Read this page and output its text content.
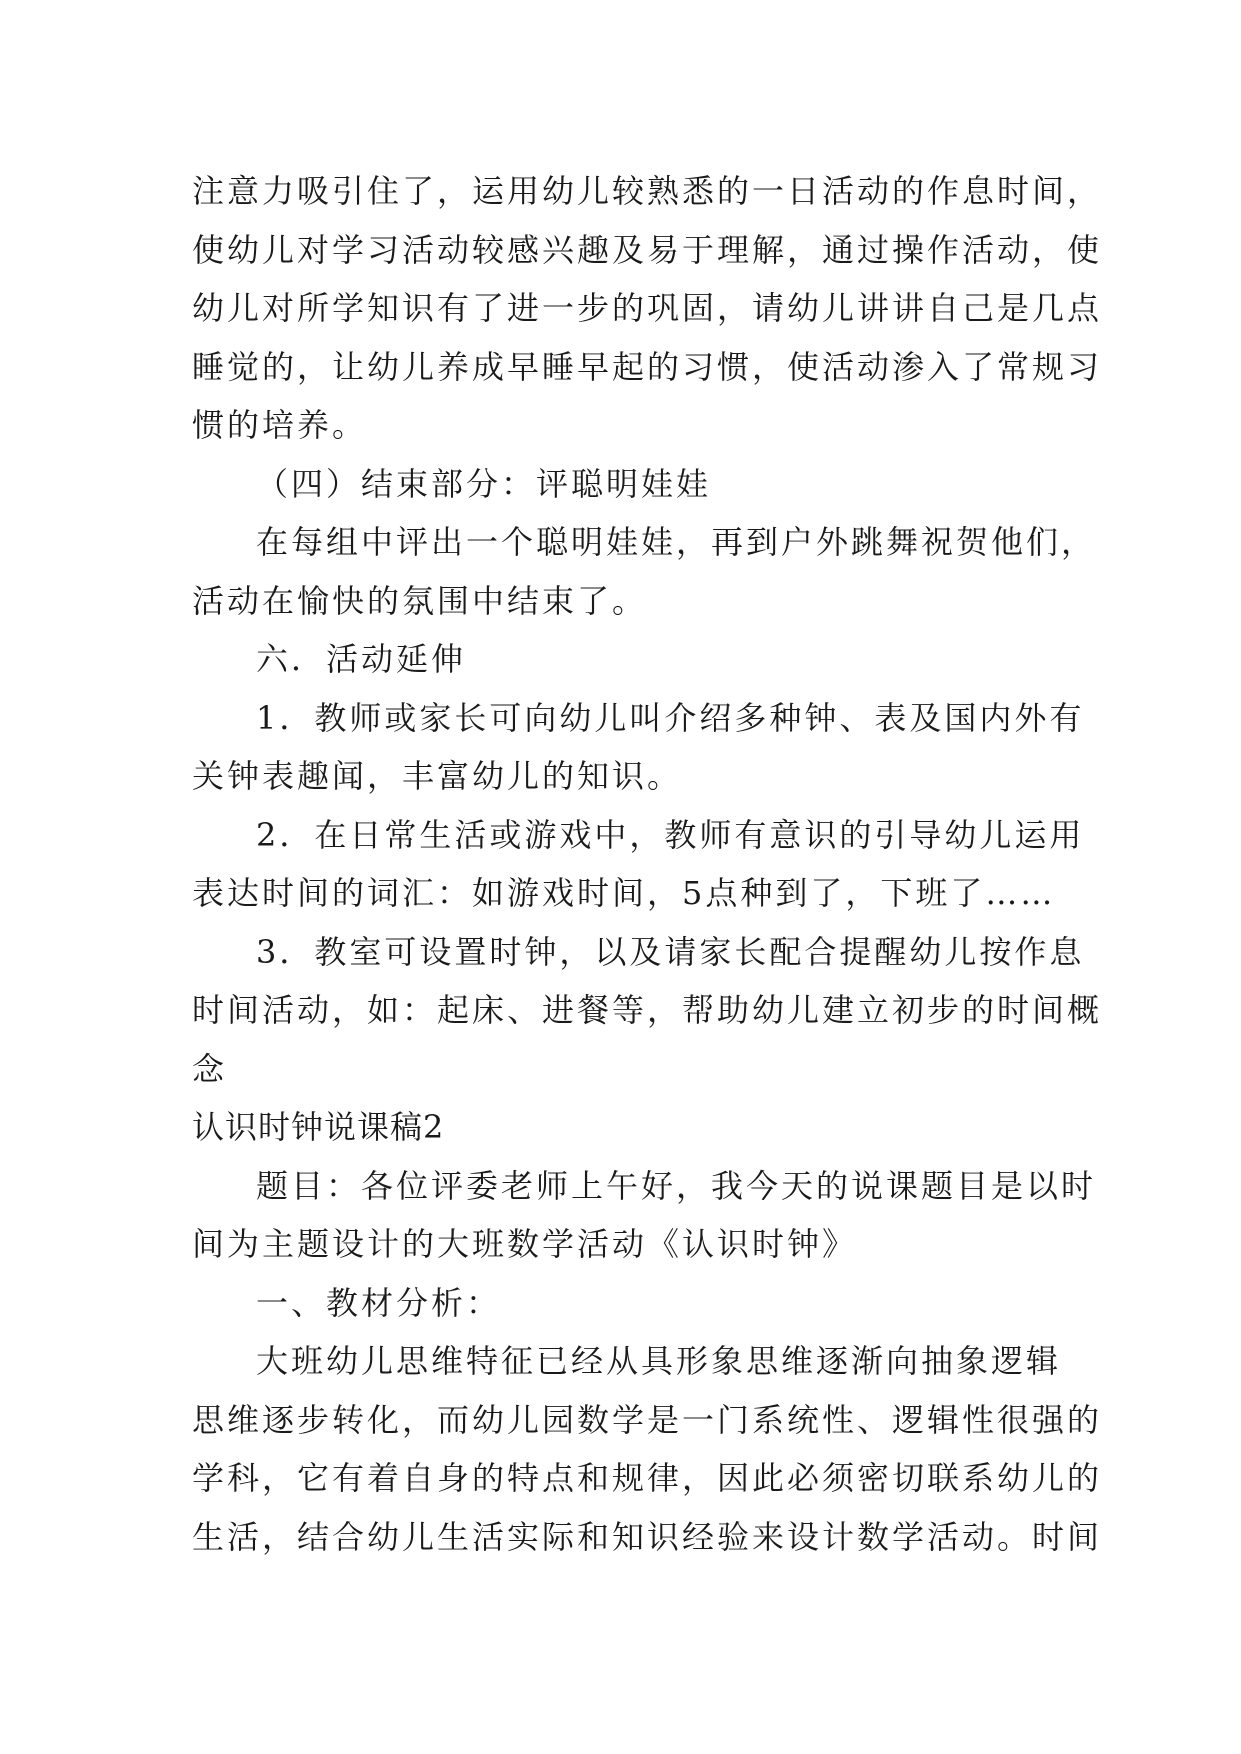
注意力吸引住了，运用幼儿较熟悉的一日活动的作息时间，
使幼儿对学习活动较感兴趣及易于理解，通过操作活动，使
幼儿对所学知识有了进一步的巩固，请幼儿讲讲自己是几点
睡觉的，让幼儿养成早睡早起的习惯，使活动渗入了常规习
惯的培养。
（四）结束部分：评聪明娃娃
在每组中评出一个聪明娃娃，再到户外跳舞祝贺他们，
活动在愉快的氛围中结束了。
六．活动延伸
1．教师或家长可向幼儿叫介绍多种钟、表及国内外有
关钟表趣闻，丰富幼儿的知识。
2．在日常生活或游戏中，教师有意识的引导幼儿运用
表达时间的词汇：如游戏时间，5点种到了，下班了……
3．教室可设置时钟，以及请家长配合提醒幼儿按作息
时间活动，如：起床、进餐等，帮助幼儿建立初步的时间概
念
认识时钟说课稿2
题目：各位评委老师上午好，我今天的说课题目是以时
间为主题设计的大班数学活动《认识时钟》
一、教材分析：
大班幼儿思维特征已经从具形象思维逐渐向抽象逻辑
思维逐步转化，而幼儿园数学是一门系统性、逻辑性很强的
学科，它有着自身的特点和规律，因此必须密切联系幼儿的
生活，结合幼儿生活实际和知识经验来设计数学活动。时间
